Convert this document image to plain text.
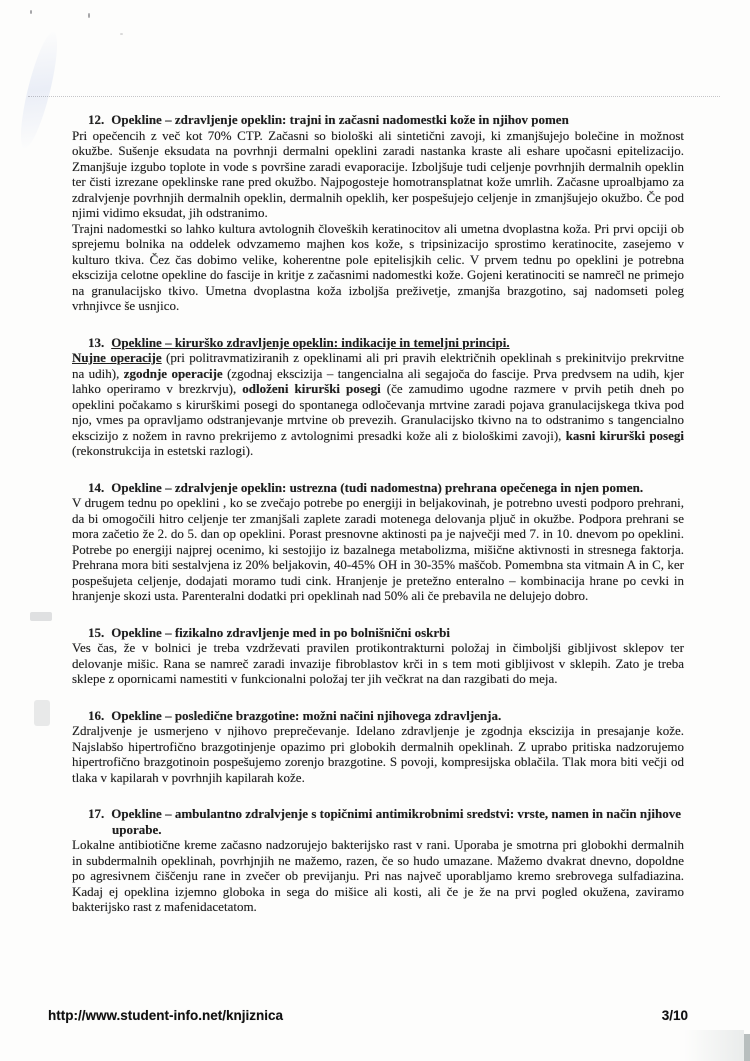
12. Opekline – zdravljenje opeklin: trajni in začasni nadomestki kože in njihov pomen

Pri opečencih z več kot 70% CTP. Začasni so biološki ali sintetični zavoji, ki zmanjšujejo bolečine in možnost okužbe. Sušenje eksudata na povrhnji dermalni opeklini zaradi nastanka kraste ali eshare upočasni epitelizacijo. Zmanjšuje izgubo toplote in vode s površine zaradi evaporacije. Izboljšuje tudi celjenje povrhnjih dermalnih opeklin ter čisti izrezane opeklinske rane pred okužbo. Najpogosteje homotransplatnat kože umrlih. Začasne uproalbjamo za zdralvjenje povrhnjih dermalnih opeklin, dermalnih opeklih, ker pospešujejo celjenje in zmanjšujejo okužbo. Če pod njimi vidimo eksudat, jih odstranimo.

Trajni nadomestki so lahko kultura avtolognih človeških keratinocitov ali umetna dvoplastna koža. Pri prvi opciji ob sprejemu bolnika na oddelek odvzamemo majhen kos kože, s tripsinizacijo sprostimo keratinocite, zasejemo v kulturo tkiva. Čez čas dobimo velike, koherentne pole epitelisjkih celic. V prvem tednu po opeklini je potrebna ekscizija celotne opekline do fascije in kritje z začasnimi nadomestki kože. Gojeni keratinociti se namrečl ne primejo na granulacijsko tkivo. Umetna dvoplastna koža izboljša preživetje, zmanjša brazgotino, saj nadomseti poleg vrhnjivce še usnjico.

13. Opekline – kirurško zdravljenje opeklin: indikacije in temeljni principi.

Nujne operacije (pri politravmatiziranih z opeklinami ali pri pravih električnih opeklinah s prekinitvijo prekrvitne na udih), zgodnje operacije (zgodnaj ekscizija – tangencialna ali segajoča do fascije. Prva predvsem na udih, kjer lahko operiramo v brezkrvju), odloženi kirurški posegi (če zamudimo ugodne razmere v prvih petih dneh po opeklini počakamo s kirurškimi posegi do spontanega odločevanja mrtvine zaradi pojava granulacijskega tkiva pod njo, vmes pa opravljamo odstranjevanje mrtvine ob prevezih. Granulacijsko tkivno na to odstranimo s tangencialno ekscizijo z nožem in ravno prekrijemo z avtolognimi presadki kože ali z biološkimi zavoji), kasni kirurški posegi (rekonstrukcija in estetski razlogi).

14. Opekline – zdralvjenje opeklin: ustrezna (tudi nadomestna) prehrana opečenega in njen pomen.

V drugem tednu po opeklini , ko se zvečajo potrebe po energiji in beljakovinah, je potrebno uvesti podporo prehrani, da bi omogočili hitro celjenje ter zmanjšali zaplete zaradi motenega delovanja pljuč in okužbe. Podpora prehrani se mora začetio že 2. do 5. dan op opeklini. Porast presnovne aktinosti pa je največji med 7. in 10. dnevom po opeklini. Potrebe po energiji najprej ocenimo, ki sestojijo iz bazalnega metabolizma, mišične aktivnosti in stresnega faktorja. Prehrana mora biti sestalvjena iz 20% beljakovin, 40-45% OH in 30-35% maščob. Pomembna sta vitmain A in C, ker pospešujeta celjenje, dodajati moramo tudi cink. Hranjenje je pretežno enteralno – kombinacija hrane po cevki in hranjenje skozi usta. Parenteralni dodatki pri opeklinah nad 50% ali če prebavila ne delujejo dobro.

15. Opekline – fizikalno zdravljenje med in po bolnišnični oskrbi

Ves čas, že v bolnici je treba vzdrževati pravilen protikontrakturni položaj in čimboljši gibljivost sklepov ter delovanje mišic. Rana se namreč zaradi invazije fibroblastov krči in s tem moti gibljivost v sklepih. Zato je treba sklepe z opornicami namestiti v funkcionalni položaj ter jih večkrat na dan razgibati do meja.

16. Opekline – posledične brazgotine: možni načini njihovega zdravljenja.

Zdraljvenje je usmerjeno v njihovo preprečevanje. Idelano zdravljenje je zgodnja ekscizija in presajanje kože. Najslabšo hipertrofično brazgotinjenje opazimo pri globokih dermalnih opeklinah. Z uprabo pritiska nadzorujemo hipertrofično brazgotinoin pospešujemo zorenjo brazgotine. S povoji, kompresijska oblačila. Tlak mora biti večji od tlaka v kapilarah v povrhnjih kapilarah kože.

17. Opekline – ambulantno zdralvjenje s topičnimi antimikrobnimi sredstvi: vrste, namen in način njihove uporabe.

Lokalne antibiotične kreme začasno nadzorujejo bakterijsko rast v rani. Uporaba je smotrna pri globokhi dermalnih in subdermalnih opeklinah, povrhjnjih ne mažemo, razen, če so hudo umazane. Mažemo dvakrat dnevno, dopoldne po agresivnem čiščenju rane in zvečer ob previjanju. Pri nas največ uporabljamo kremo srebrovega sulfadiazina. Kadaj ej opeklina izjemno globoka in sega do mišice ali kosti, ali če je že na prvi pogled okužena, zaviramo bakterijsko rast z mafenidacetatom.

http://www.student-info.net/knjiznica	3/10
